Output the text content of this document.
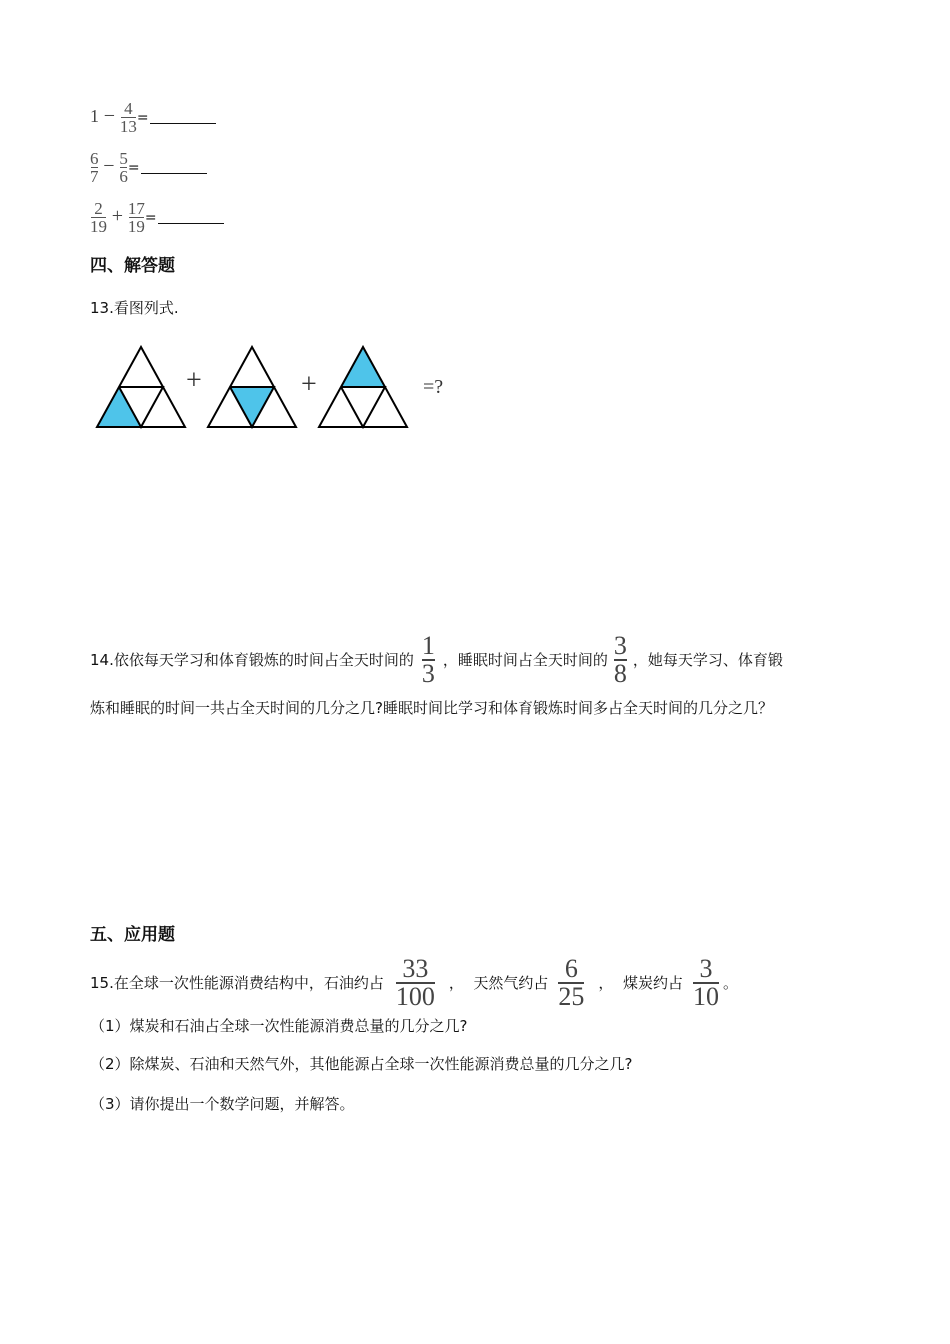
$1 - \frac{4}{13}$ =
$\frac{6}{7} - \frac{5}{6}$ =
$\frac{2}{19} + \frac{17}{19}$ =
四、解答题
13.看图列式.
+	+	=?
14.依依每天学习和体育锻炼的时间占全天时间的 $\frac{1}{3}$ ，睡眠时间占全天时间的 $\frac{3}{8}$ ，她每天学习、体育锻
炼和睡眠的时间一共占全天时间的几分之几?睡眠时间比学习和体育锻炼时间多占全天时间的几分之几？
五、应用题
15.在全球一次性能源消费结构中，石油约占 $\frac{33}{100}$ ，  天然气约占 $\frac{6}{25}$ ，  煤炭约占 $\frac{3}{10}$ 。
（1）煤炭和石油占全球一次性能源消费总量的几分之几?
（2）除煤炭、石油和天然气外，其他能源占全球一次性能源消费总量的几分之几?
（3）请你提出一个数学问题，并解答。
